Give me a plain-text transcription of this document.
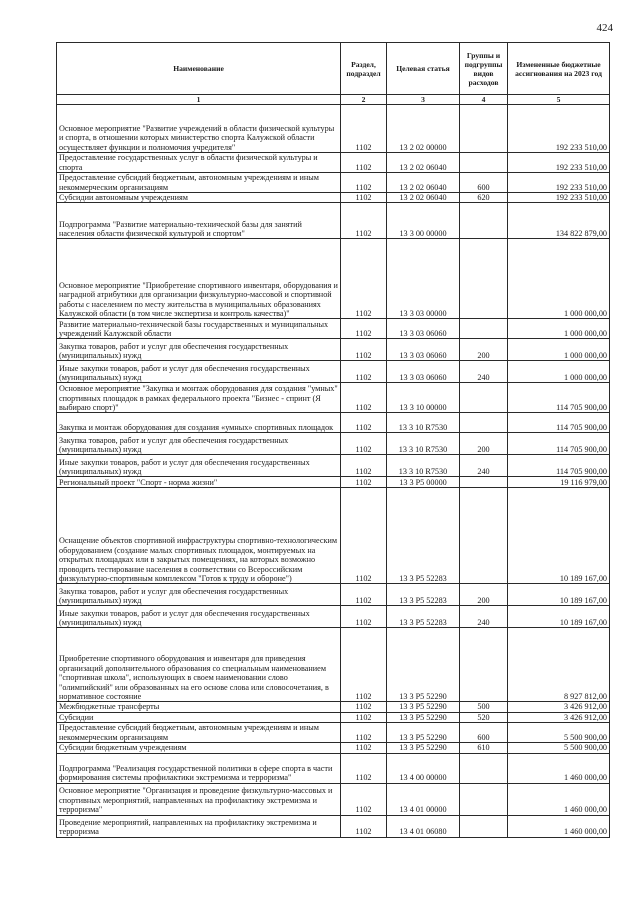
424
Наименование	Раздел, подраздел	Целевая статья	Группы и подгруппы видов расходов	Измененные бюджетные ассигнования на 2023 год
1	2	3	4	5
Основное мероприятие "Развитие учреждений в области физической культуры и спорта, в отношении которых министерство спорта Калужской области осуществляет функции и полномочия учредителя"	1102	13 2 02 00000		192 233 510,00
Предоставление государственных услуг в области физической культуры и спорта	1102	13 2 02 06040		192 233 510,00
Предоставление субсидий бюджетным, автономным учреждениям и иным некоммерческим организациям	1102	13 2 02 06040	600	192 233 510,00
Субсидии автономным учреждениям	1102	13 2 02 06040	620	192 233 510,00
Подпрограмма "Развитие материально-технической базы для занятий населения области физической культурой и спортом"	1102	13 3 00 00000		134 822 879,00
Основное мероприятие "Приобретение спортивного инвентаря, оборудования и наградной атрибутики для организации физкультурно-массовой и спортивной работы с населением по месту жительства в муниципальных образованиях Калужской области (в том числе экспертиза и контроль качества)"	1102	13 3 03 00000		1 000 000,00
Развитие материально-технической базы государственных и муниципальных учреждений Калужской области	1102	13 3 03 06060		1 000 000,00
Закупка товаров, работ и услуг для обеспечения государственных (муниципальных) нужд	1102	13 3 03 06060	200	1 000 000,00
Иные закупки товаров, работ и услуг для обеспечения государственных (муниципальных) нужд	1102	13 3 03 06060	240	1 000 000,00
Основное мероприятие "Закупка и монтаж оборудования для создания "умных" спортивных площадок в рамках федерального проекта "Бизнес - спринт (Я выбираю спорт)"	1102	13 3 10 00000		114 705 900,00
Закупка и монтаж оборудования для создания «умных» спортивных площадок	1102	13 3 10 R7530		114 705 900,00
Закупка товаров, работ и услуг для обеспечения государственных (муниципальных) нужд	1102	13 3 10 R7530	200	114 705 900,00
Иные закупки товаров, работ и услуг для обеспечения государственных (муниципальных) нужд	1102	13 3 10 R7530	240	114 705 900,00
Региональный проект "Спорт - норма жизни"	1102	13 3 P5 00000		19 116 979,00
Оснащение объектов спортивной инфраструктуры спортивно-технологическим оборудованием (создание малых спортивных площадок, монтируемых на открытых площадках или в закрытых помещениях, на которых возможно проводить тестирование населения в соответствии со Всероссийским физкультурно-спортивным комплексом "Готов к труду и обороне")	1102	13 3 P5 52283		10 189 167,00
Закупка товаров, работ и услуг для обеспечения государственных (муниципальных) нужд	1102	13 3 P5 52283	200	10 189 167,00
Иные закупки товаров, работ и услуг для обеспечения государственных (муниципальных) нужд	1102	13 3 P5 52283	240	10 189 167,00
Приобретение спортивного оборудования и инвентаря для приведения организаций дополнительного образования со специальным наименованием "спортивная школа", использующих в своем наименовании слово "олимпийский" или образованных на его основе слова или словосочетания, в нормативное состояние	1102	13 3 P5 52290		8 927 812,00
Межбюджетные трансферты	1102	13 3 P5 52290	500	3 426 912,00
Субсидии	1102	13 3 P5 52290	520	3 426 912,00
Предоставление субсидий бюджетным, автономным учреждениям и иным некоммерческим организациям	1102	13 3 P5 52290	600	5 500 900,00
Субсидии бюджетным учреждениям	1102	13 3 P5 52290	610	5 500 900,00
Подпрограмма "Реализация государственной политики в сфере спорта в части формирования системы профилактики экстремизма и терроризма"	1102	13 4 00 00000		1 460 000,00
Основное мероприятие "Организация и проведение физкультурно-массовых и спортивных мероприятий, направленных на профилактику экстремизма и терроризма"	1102	13 4 01 00000		1 460 000,00
Проведение мероприятий, направленных на профилактику экстремизма и терроризма	1102	13 4 01 06080		1 460 000,00
